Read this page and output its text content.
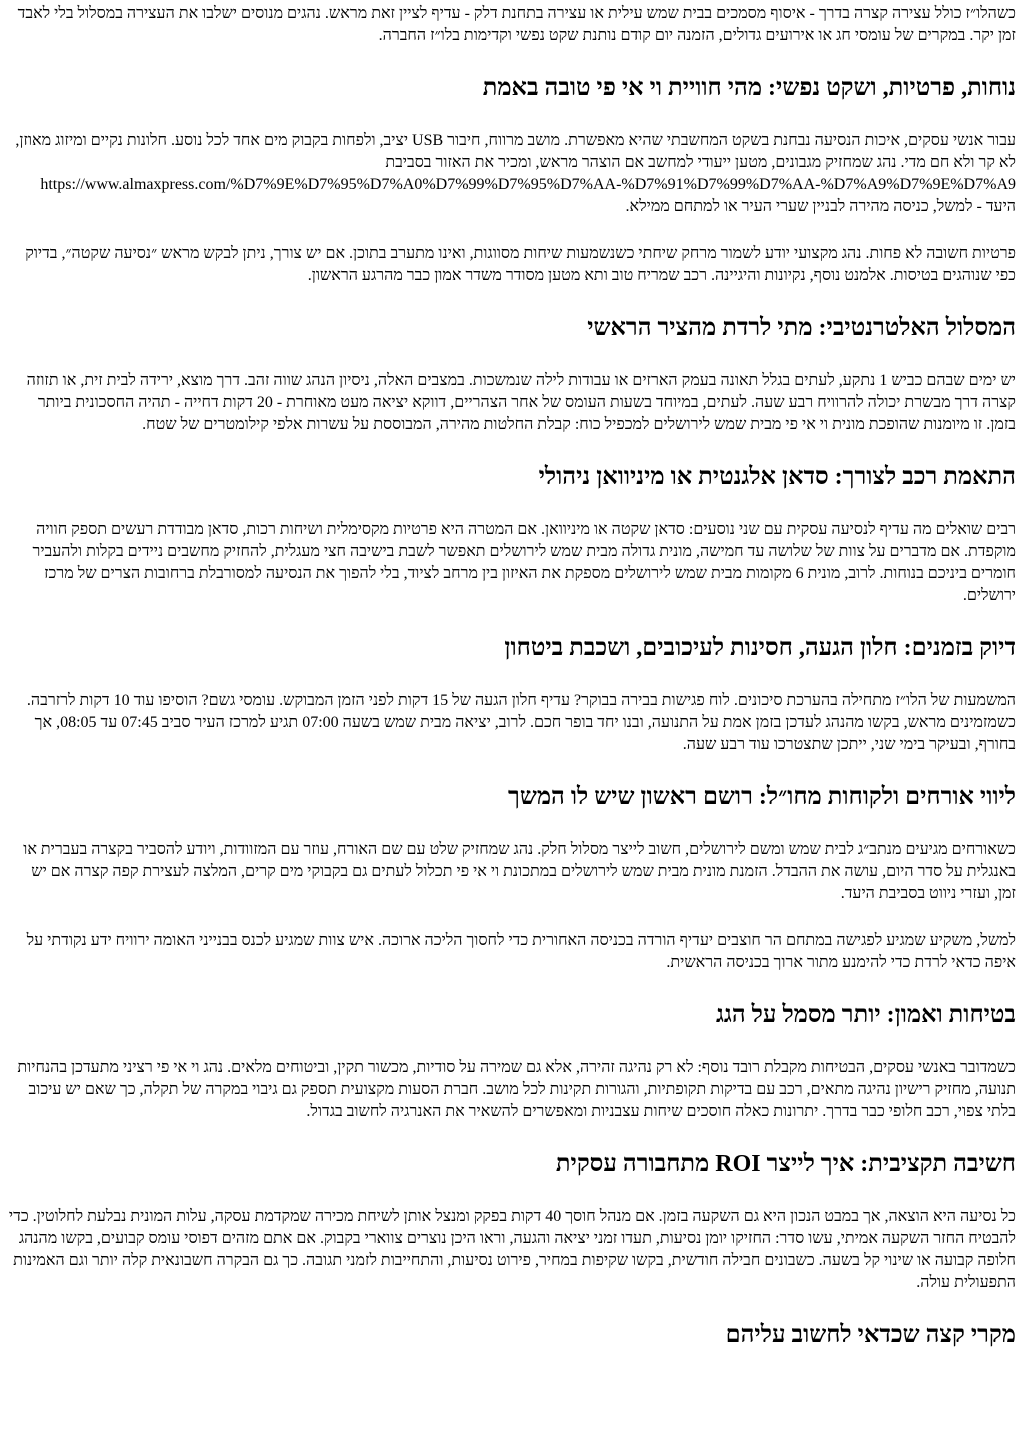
כשהלו״ז כולל עצירה קצרה בדרך - איסוף מסמכים בבית שמש עילית או עצירה בתחנת דלק - עדיף לציין זאת מראש. נהגים מנוסים ישלבו את העצירה במסלול בלי לאבד זמן יקר. במקרים של עומסי חג או אירועים גדולים, הזמנה יום קודם נותנת שקט נפשי וקדימות בלו״ז החברה.

נוחות, פרטיות, ושקט נפשי: מהי חוויית וי אי פי טובה באמת

עבור אנשי עסקים, איכות הנסיעה נבחנת בשקט המחשבתי שהיא מאפשרת. מושב מרווח, חיבור USB יציב, ולפחות בקבוק מים אחד לכל נוסע. חלונות נקיים ומיזוג מאוזן, לא קר ולא חם מדי. נהג שמחזיק מגבונים, מטען ייעודי למחשב אם הוצהר מראש, ומכיר את האזור בסביבת https://www.almaxpress.com/%D7%9E%D7%95%D7%A0%D7%99%D7%95%D7%AA-%D7%91%D7%99%D7%AA-%D7%A9%D7%9E%D7%A9 היעד - למשל, כניסה מהירה לבניין שערי העיר או למתחם ממילא.

פרטיות חשובה לא פחות. נהג מקצועי יודע לשמור מרחק שיחתי כשנשמעות שיחות מסווגות, ואינו מתערב בתוכן. אם יש צורך, ניתן לבקש מראש ״נסיעה שקטה״, בדיוק כפי שנוהגים בטיסות. אלמנט נוסף, נקיונות והיגיינה. רכב שמריח טוב ותא מטען מסודר משדר אמון כבר מהרגע הראשון.

המסלול האלטרנטיבי: מתי לרדת מהציר הראשי

יש ימים שבהם כביש 1 נתקע, לעתים בגלל תאונה בעמק הארזים או עבודות לילה שנמשכות. במצבים האלה, ניסיון הנהג שווה זהב. דרך מוצא, ירידה לבית זית, או תזוזה קצרה דרך מבשרת יכולה להרוויח רבע שעה. לעתים, במיוחד בשעות העומס של אחר הצהריים, דווקא יציאה מעט מאוחרת - 20 דקות דחייה - תהיה החסכונית ביותר בזמן. זו מיומנות שהופכת מונית וי אי פי מבית שמש לירושלים למכפיל כוח: קבלת החלטות מהירה, המבוססת על עשרות אלפי קילומטרים של שטח.

התאמת רכב לצורך: סדאן אלגנטית או מיניוואן ניהולי

רבים שואלים מה עדיף לנסיעה עסקית עם שני נוסעים: סדאן שקטה או מיניוואן. אם המטרה היא פרטיות מקסימלית ושיחות רכות, סדאן מבודדת רעשים תספק חוויה מוקפדת. אם מדברים על צוות של שלושה עד חמישה, מונית גדולה מבית שמש לירושלים תאפשר לשבת בישיבה חצי מעגלית, להחזיק מחשבים ניידים בקלות ולהעביר חומרים ביניכם בנוחות. לרוב, מונית 6 מקומות מבית שמש לירושלים מספקת את האיזון בין מרחב לציוד, בלי להפוך את הנסיעה למסורבלת ברחובות הצרים של מרכז ירושלים.

דיוק בזמנים: חלון הגעה, חסינות לעיכובים, ושכבת ביטחון

המשמעות של הלו״ז מתחילה בהערכת סיכונים. לוח פגישות בבירה בבוקר? עדיף חלון הגעה של 15 דקות לפני הזמן המבוקש. עומסי גשם? הוסיפו עוד 10 דקות לרזרבה. כשמזמינים מראש, בקשו מהנהג לעדכן בזמן אמת על התנועה, ובנו יחד בופר חכם. לרוב, יציאה מבית שמש בשעה 07:00 תגיע למרכז העיר סביב 07:45 עד 08:05, אך בחורף, ובעיקר בימי שני, ייתכן שתצטרכו עוד רבע שעה.

ליווי אורחים ולקוחות מחו״ל: רושם ראשון שיש לו המשך

כשאורחים מגיעים מנתב״ג לבית שמש ומשם לירושלים, חשוב לייצר מסלול חלק. נהג שמחזיק שלט עם שם האורח, עוזר עם המזוודות, ויודע להסביר בקצרה בעברית או באנגלית על סדר היום, עושה את ההבדל. הזמנת מונית מבית שמש לירושלים במתכונת וי אי פי תכלול לעתים גם בקבוקי מים קרים, המלצה לעצירת קפה קצרה אם יש זמן, ועזרי ניווט בסביבת היעד.

למשל, משקיע שמגיע לפגישה במתחם הר חוצבים יעדיף הורדה בכניסה האחורית כדי לחסוך הליכה ארוכה. איש צוות שמגיע לכנס בבנייני האומה ירוויח ידע נקודתי על איפה כדאי לרדת כדי להימנע מתור ארוך בכניסה הראשית.

בטיחות ואמון: יותר מסמל על הגג

כשמדובר באנשי עסקים, הבטיחות מקבלת רובד נוסף: לא רק נהיגה זהירה, אלא גם שמירה על סודיות, מכשור תקין, וביטוחים מלאים. נהג וי אי פי רציני מתעדכן בהנחיות תנועה, מחזיק רישיון נהיגה מתאים, רכב עם בדיקות תקופתיות, והגורות תקינות לכל מושב. חברת הסעות מקצועית תספק גם גיבוי במקרה של תקלה, כך שאם יש עיכוב בלתי צפוי, רכב חלופי כבר בדרך. יתרונות כאלה חוסכים שיחות עצבניות ומאפשרים להשאיר את האנרגיה לחשוב בגדול.

חשיבה תקציבית: איך לייצר ROI מתחבורה עסקית

כל נסיעה היא הוצאה, אך במבט הנכון היא גם השקעה בזמן. אם מנהל חוסך 40 דקות בפקק ומנצל אותן לשיחת מכירה שמקדמת עסקה, עלות המונית נבלעת לחלוטין. כדי להבטיח החזר השקעה אמיתי, עשו סדר: החזיקו יומן נסיעות, תעדו זמני יציאה והגעה, וראו היכן נוצרים צווארי בקבוק. אם אתם מזהים דפוסי עומס קבועים, בקשו מהנהג חלופה קבועה או שינוי קל בשעה. כשבונים חבילה חודשית, בקשו שקיפות במחיר, פירוט נסיעות, והתחייבות לזמני תגובה. כך גם הבקרה חשבונאית קלה יותר וגם האמינות התפעולית עולה.

מקרי קצה שכדאי לחשוב עליהם
